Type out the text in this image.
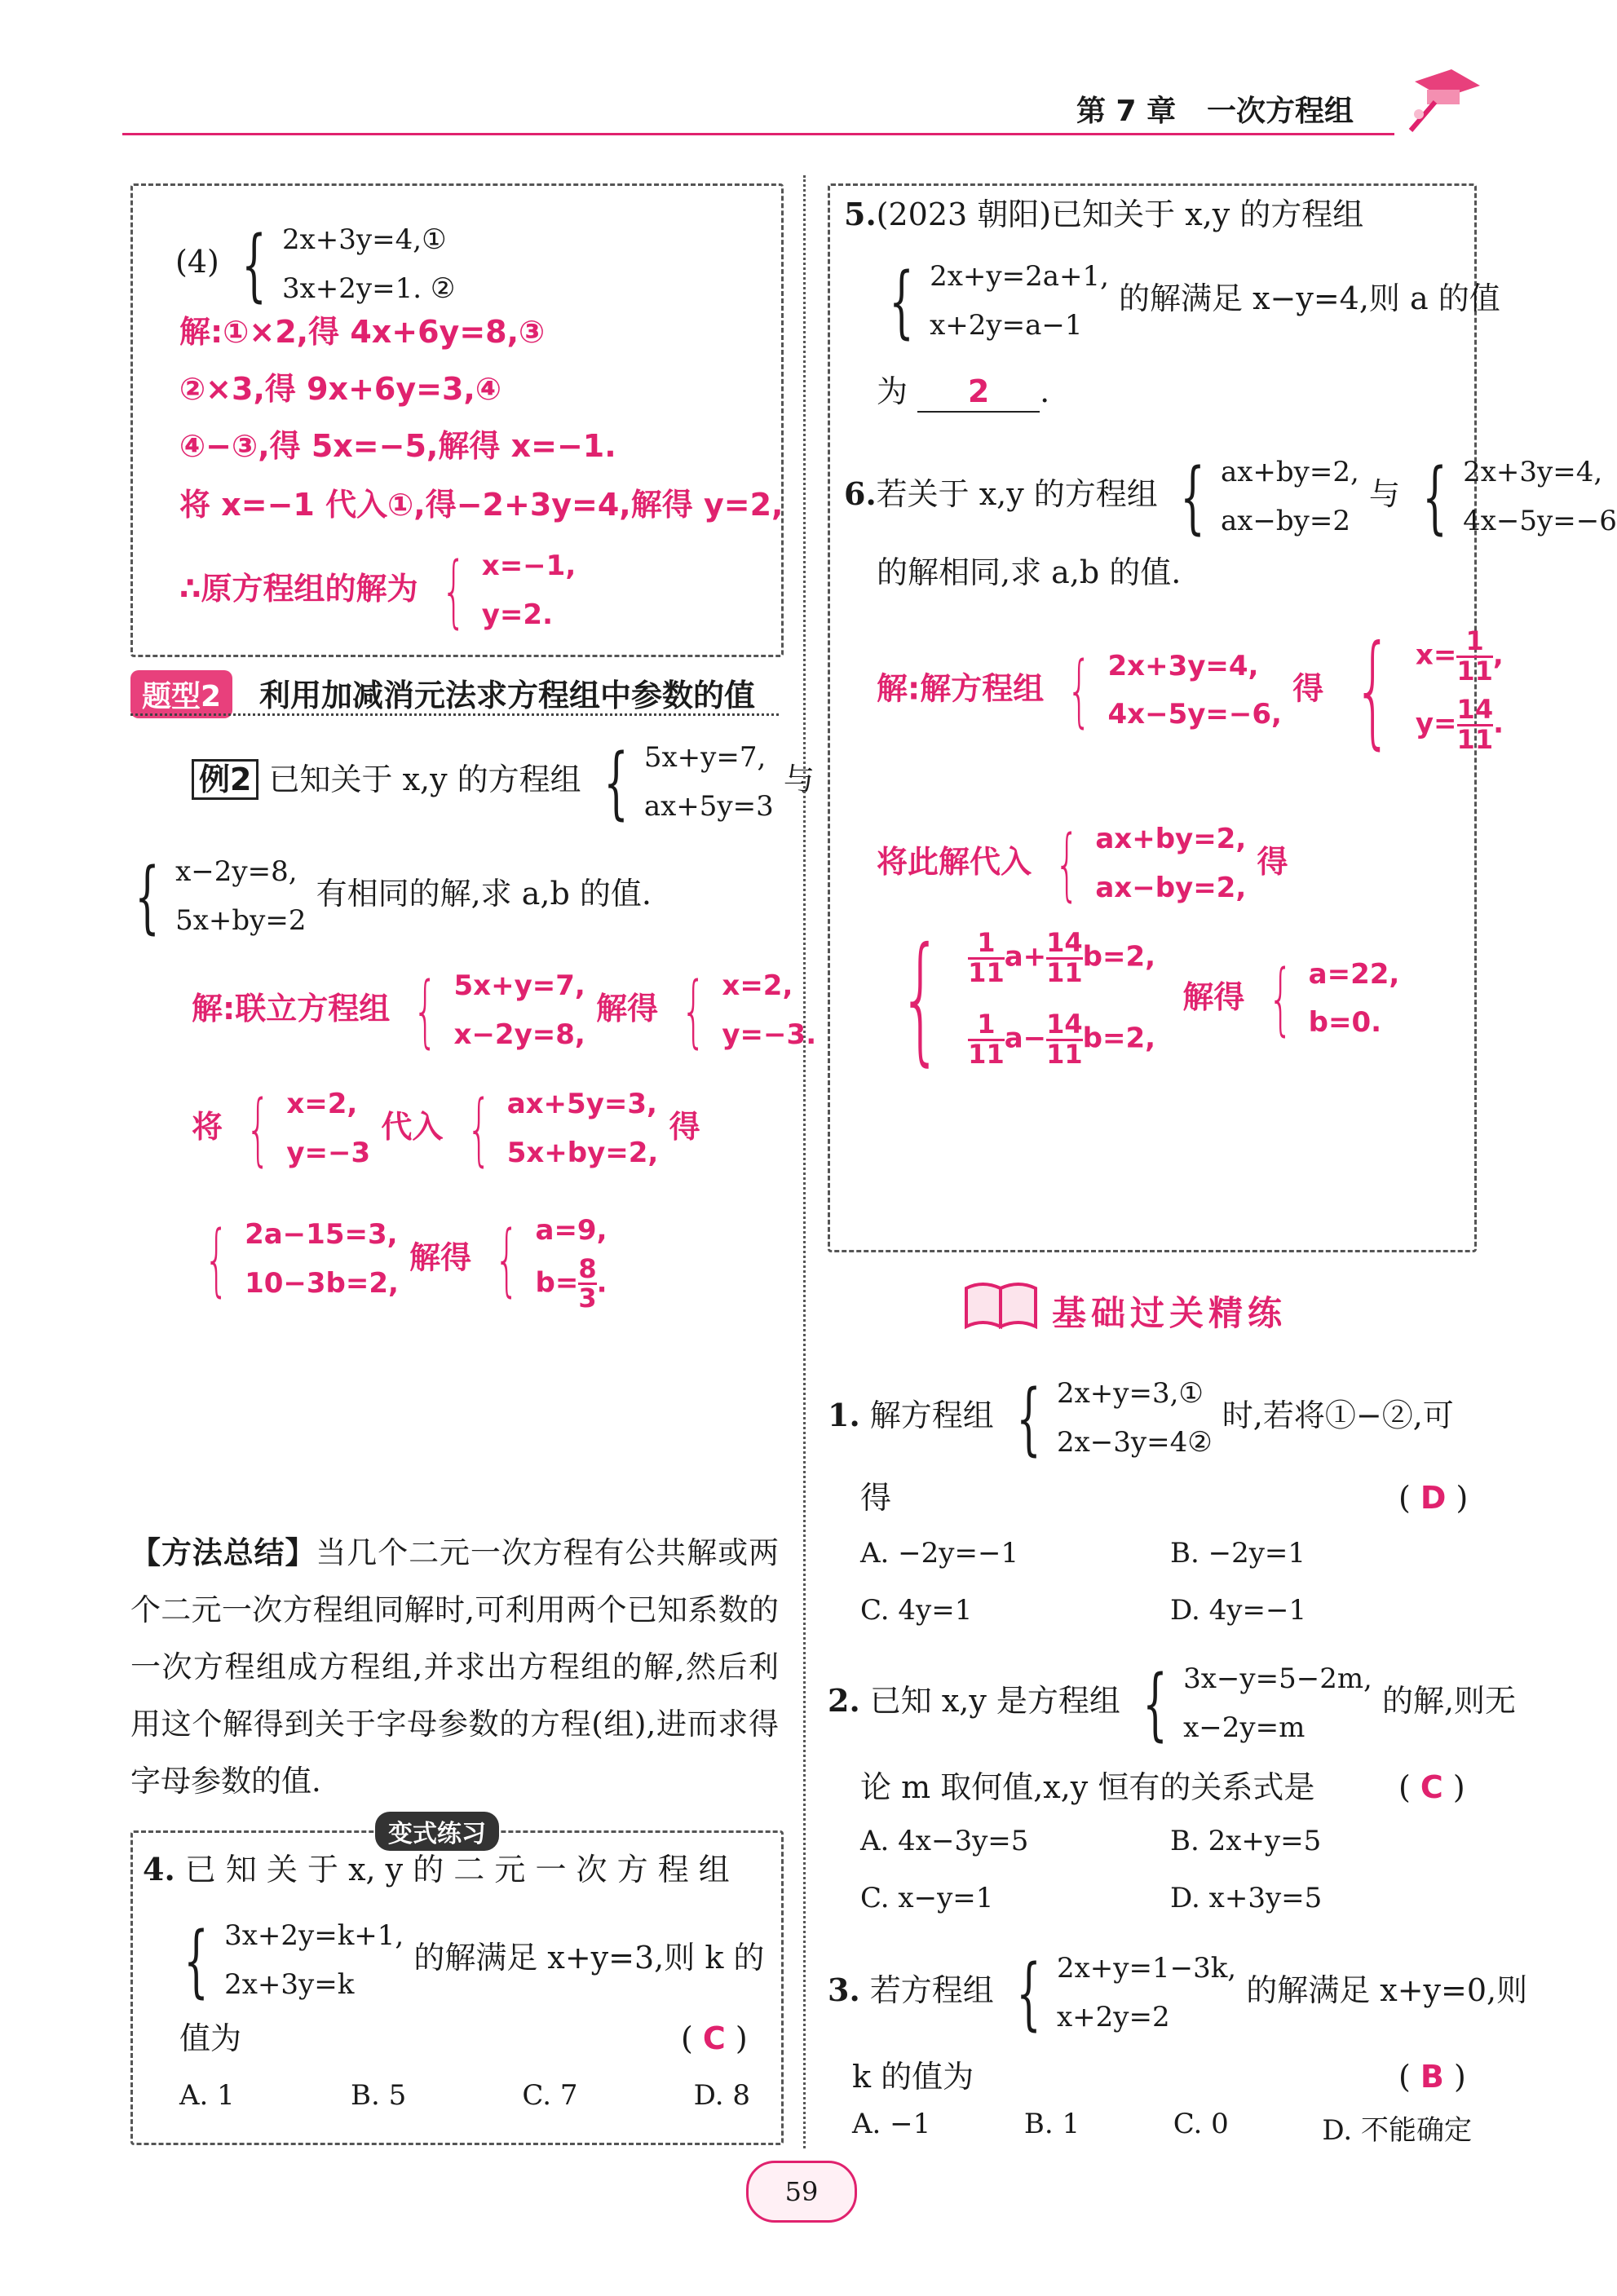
第 7 章 一次方程组
(4) { 2x+3y=4,①
3x+2y=1. ②
解:①×2,得 4x+6y=8,③
②×3,得 9x+6y=3,④
④−③,得 5x=−5,解得 x=−1.
将 x=−1 代入①,得−2+3y=4,解得 y=2,
∴原方程组的解为 { x=−1,
y=2.
题型2	利用加减消元法求方程组中参数的值
例2 已知关于 x,y 的方程组 { 5x+y=7,
ax+5y=3
与
{ x−2y=8,
5x+by=2
有相同的解,求 a,b 的值.
解:联立方程组 { 5x+y=7,
x−2y=8,
解得 { x=2,
y=−3.
将 { x=2,
y=−3
代入 { ax+5y=3,
5x+by=2,
得
{ 2a−15=3,
10−3b=2,
解得 { a=9,
$b= \frac{8}{3}$ .
【方法总结】当几个二元一次方程有公共解或两个二元一次方程组同解时,可利用两个已知系数的一次方程组成方程组,并求出方程组的解,然后利用这个解得到关于字母参数的方程(组),进而求得字母参数的值.
变式练习
4. 已 知 关 于 x, y 的 二 元 一 次 方 程 组
{ 3x+2y=k+1,
2x+3y=k
的解满足 x+y=3,则 k 的
值为	( C )
A. 1	B. 5	C. 7	D. 8
5.(2023 朝阳)已知关于 x,y 的方程组
{ 2x+y=2a+1,
x+2y=a−1
的解满足 x−y=4,则 a 的值
为 2 .
6.若关于 x,y 的方程组 { ax+by=2,
ax−by=2
与 { 2x+3y=4,
4x−5y=−6
的解相同,求 a,b 的值.
解:解方程组 { 2x+3y=4,
4x−5y=−6,
得 { $x= \frac{1}{11}$ ,
$y= \frac{14}{11}$ .
将此解代入 { ax+by=2,
ax−by=2,
得
{ $\frac{1}{11} a+ \frac{14}{11} b=2$,
$\frac{1}{11} a- \frac{14}{11} b=2$,
解得 { a=22,
b=0.
基础过关精练
1. 解方程组 { 2x+y=3,①
2x−3y=4②
时,若将①−②,可
得	( D )
A. −2y=−1	B. −2y=1
C. 4y=1	D. 4y=−1
2. 已知 x,y 是方程组 { 3x−y=5−2m,
x−2y=m
的解,则无
论 m 取何值,x,y 恒有的关系式是	( C )
A. 4x−3y=5	B. 2x+y=5
C. x−y=1	D. x+3y=5
3. 若方程组 { 2x+y=1−3k,
x+2y=2
的解满足 x+y=0,则
k 的值为	( B )
A. −1	B. 1	C. 0	D. 不能确定
59
